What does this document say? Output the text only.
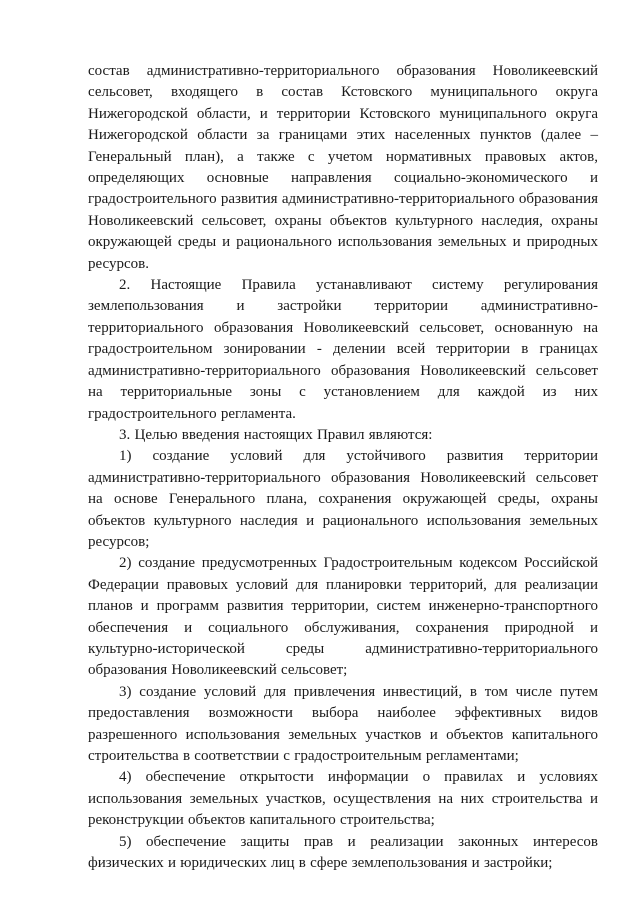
состав административно-территориального образования Новоликеевский сельсовет, входящего в состав Кстовского муниципального округа Нижегородской области, и территории Кстовского муниципального округа Нижегородской области за границами этих населенных пунктов (далее – Генеральный план), а также с учетом нормативных правовых актов, определяющих основные направления социально-экономического и градостроительного развития административно-территориального образования Новоликеевский сельсовет, охраны объектов культурного наследия, охраны окружающей среды и рационального использования земельных и природных ресурсов.

2. Настоящие Правила устанавливают систему регулирования землепользования и застройки территории административно-территориального образования Новоликеевский сельсовет, основанную на градостроительном зонировании - делении всей территории в границах административно-территориального образования Новоликеевский сельсовет на территориальные зоны с установлением для каждой из них градостроительного регламента.

3. Целью введения настоящих Правил являются:

1) создание условий для устойчивого развития территории административно-территориального образования Новоликеевский сельсовет на основе Генерального плана, сохранения окружающей среды, охраны объектов культурного наследия и рационального использования земельных ресурсов;

2) создание предусмотренных Градостроительным кодексом Российской Федерации правовых условий для планировки территорий, для реализации планов и программ развития территории, систем инженерно-транспортного обеспечения и социального обслуживания, сохранения природной и культурно-исторической среды административно-территориального образования Новоликеевский сельсовет;

3) создание условий для привлечения инвестиций, в том числе путем предоставления возможности выбора наиболее эффективных видов разрешенного использования земельных участков и объектов капитального строительства в соответствии с градостроительным регламентами;

4) обеспечение открытости информации о правилах и условиях использования земельных участков, осуществления на них строительства и реконструкции объектов капитального строительства;

5) обеспечение защиты прав и реализации законных интересов физических и юридических лиц в сфере землепользования и застройки;
